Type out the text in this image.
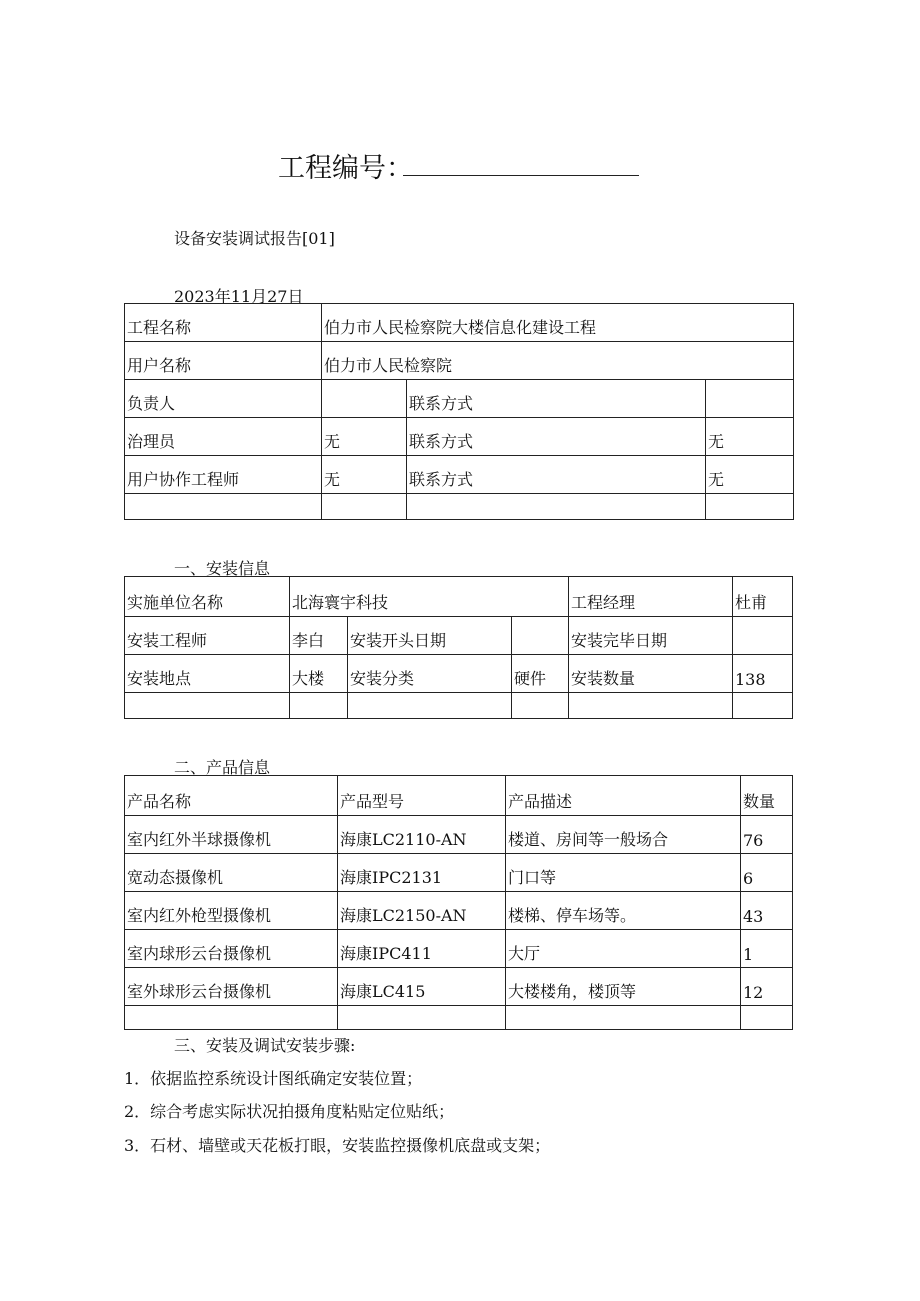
工程编号：
设备安装调试报告[01]
2023年11月27日
工程名称	伯力市人民检察院大楼信息化建设工程		
用户名称	伯力市人民检察院		
负责人		联系方式	
治理员	无	联系方式	无
用户协作工程师	无	联系方式	无

一、安装信息
实施单位名称	北海寰宇科技			工程经理	杜甫
安装工程师	李白	安装开头日期		安装完毕日期	
安装地点	大楼	安装分类	硬件	安装数量	138

二、产品信息
产品名称	产品型号	产品描述	数量
室内红外半球摄像机	海康LC2110-AN	楼道、房间等一般场合	76
宽动态摄像机	海康IPC2131	门口等	6
室内红外枪型摄像机	海康LC2150-AN	楼梯、停车场等。	43
室内球形云台摄像机	海康IPC411	大厅	1
室外球形云台摄像机	海康LC415	大楼楼角，楼顶等	12

三、安装及调试安装步骤:
1．依据监控系统设计图纸确定安装位置；
2．综合考虑实际状况拍摄角度粘贴定位贴纸；
3．石材、墙壁或天花板打眼，安装监控摄像机底盘或支架；
